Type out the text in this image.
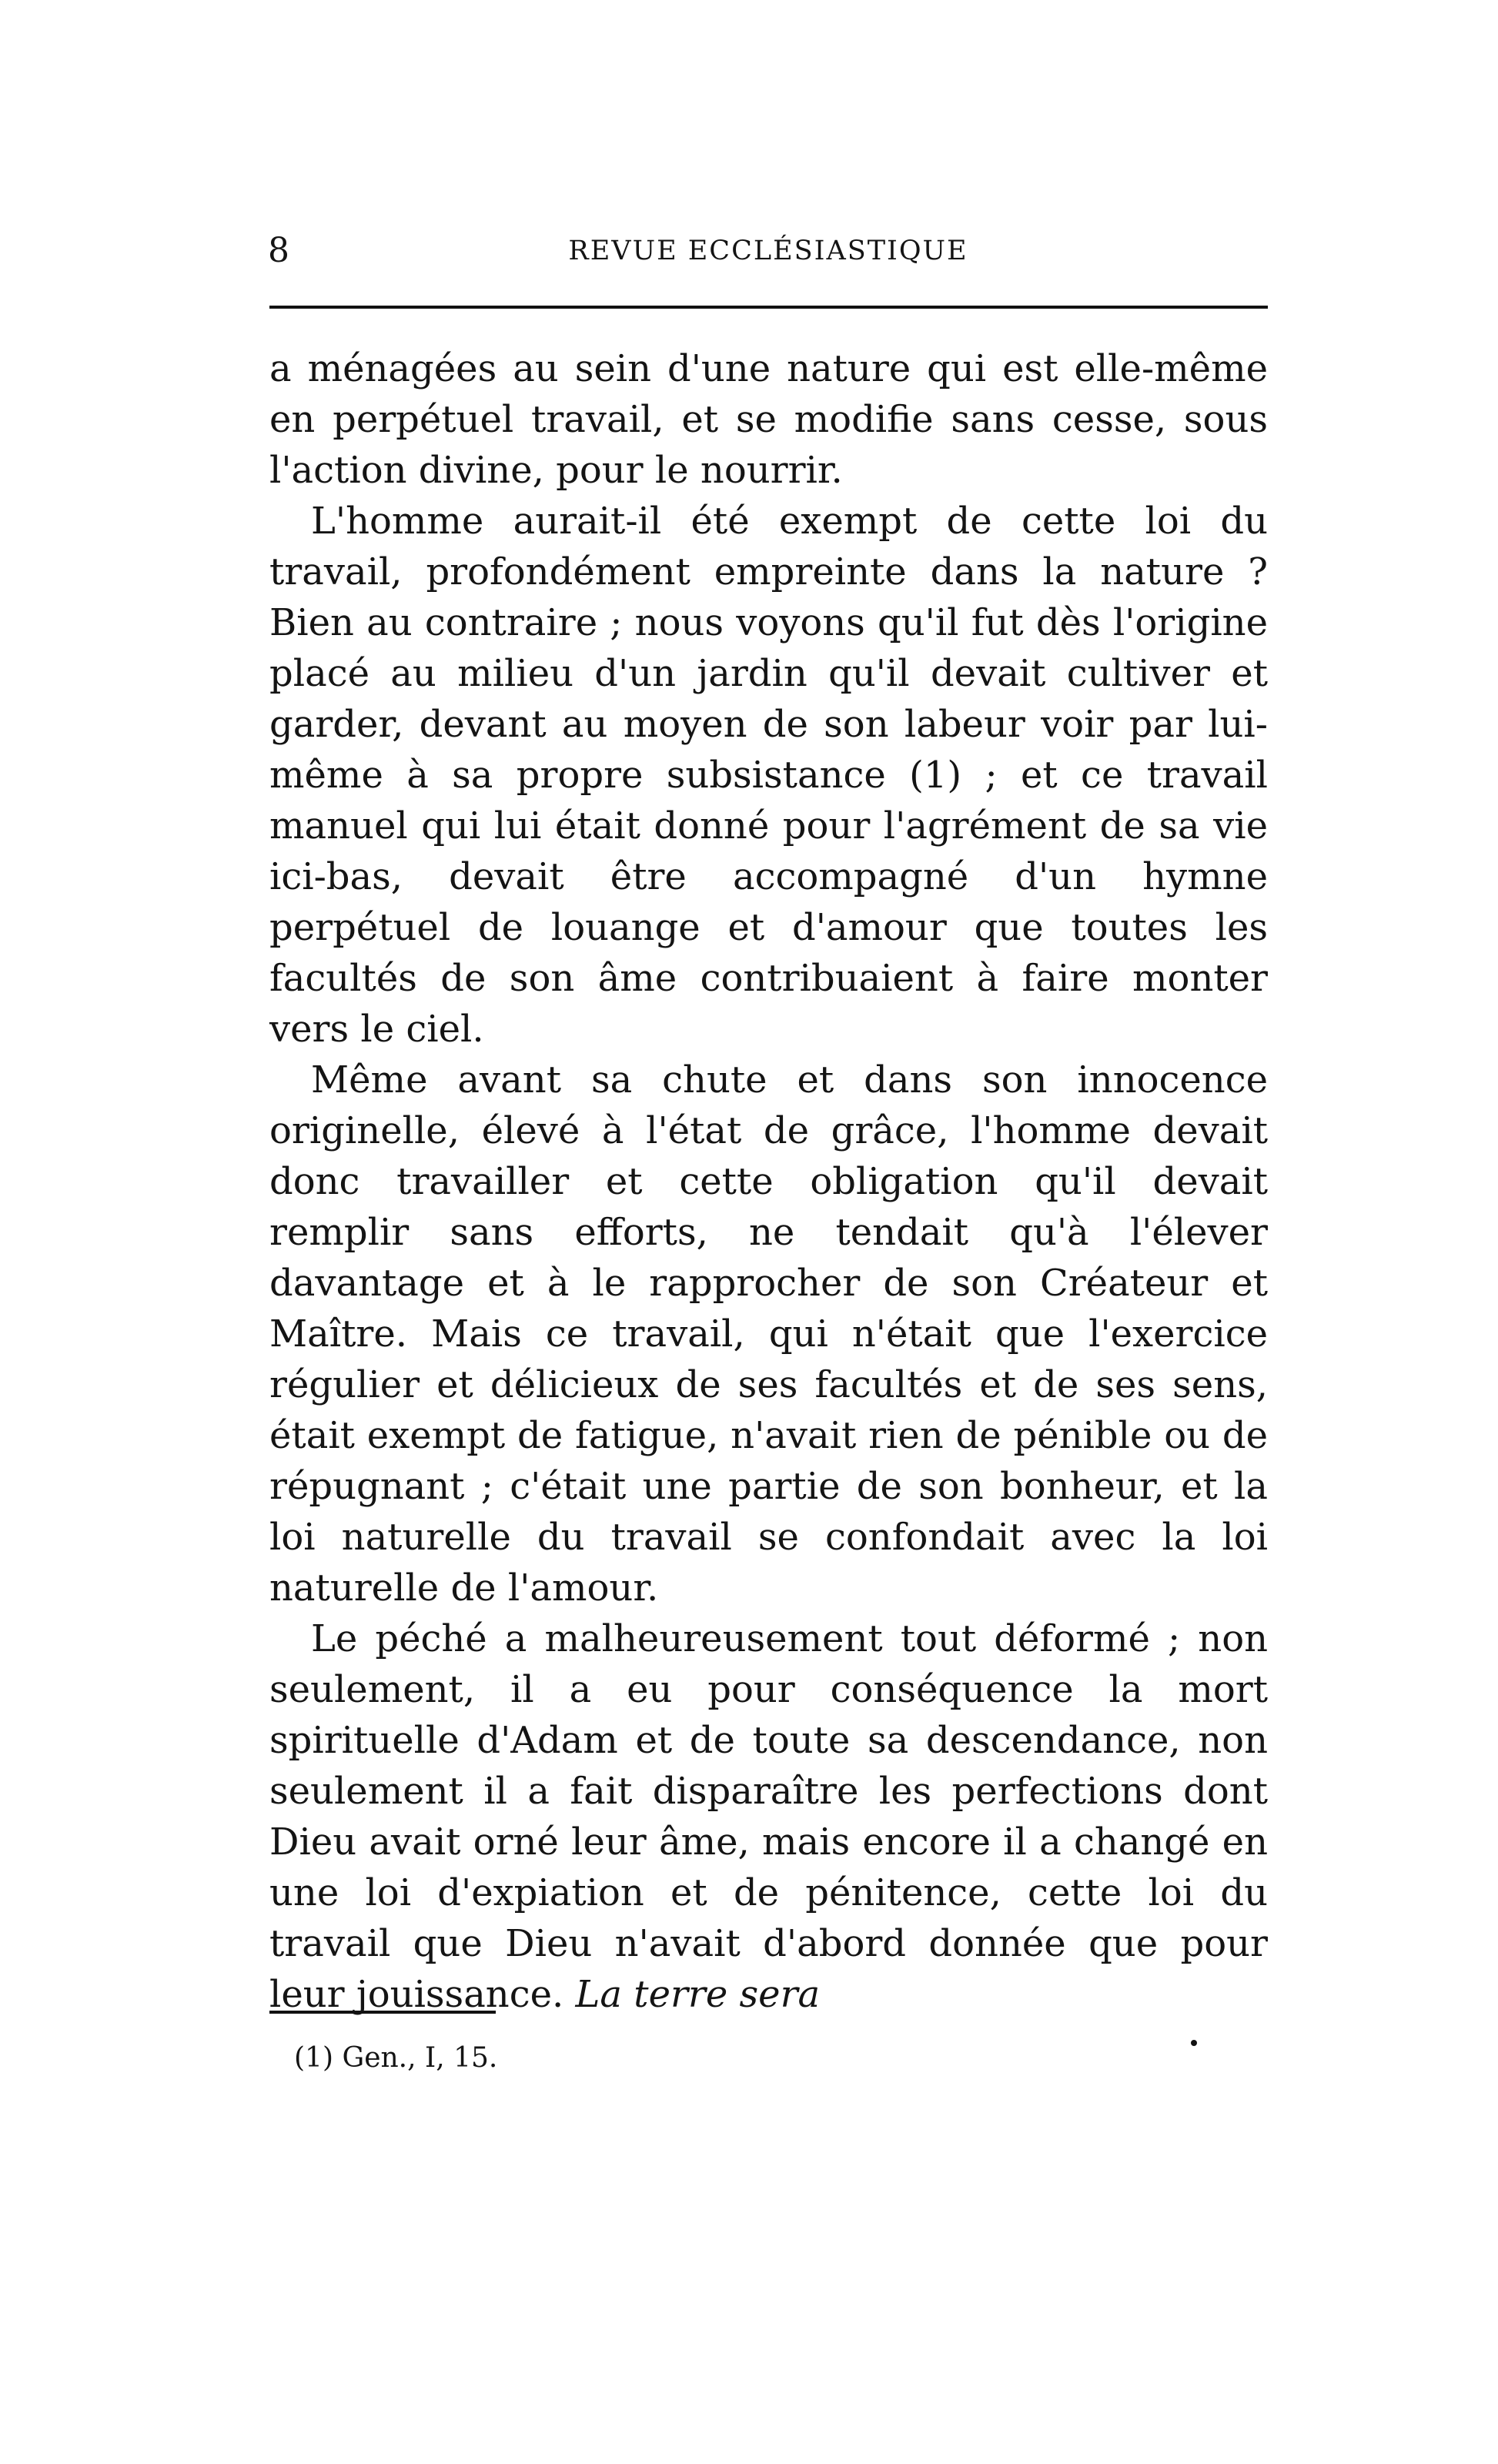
8	REVUE ECCLÉSIASTIQUE

a ménagées au sein d'une nature qui est elle-même en perpétuel travail, et se modifie sans cesse, sous l'action divine, pour le nourrir.

L'homme aurait-il été exempt de cette loi du travail, profondément empreinte dans la nature ? Bien au contraire ; nous voyons qu'il fut dès l'origine placé au milieu d'un jardin qu'il devait cultiver et garder, devant au moyen de son labeur voir par lui-même à sa propre subsistance (1) ; et ce travail manuel qui lui était donné pour l'agrément de sa vie ici-bas, devait être accompagné d'un hymne perpétuel de louange et d'amour que toutes les facultés de son âme contribuaient à faire monter vers le ciel.

Même avant sa chute et dans son innocence originelle, élevé à l'état de grâce, l'homme devait donc travailler et cette obligation qu'il devait remplir sans efforts, ne tendait qu'à l'élever davantage et à le rapprocher de son Créateur et Maître. Mais ce travail, qui n'était que l'exercice régulier et délicieux de ses facultés et de ses sens, était exempt de fatigue, n'avait rien de pénible ou de répugnant ; c'était une partie de son bonheur, et la loi naturelle du travail se confondait avec la loi naturelle de l'amour.

Le péché a malheureusement tout déformé ; non seulement, il a eu pour conséquence la mort spirituelle d'Adam et de toute sa descendance, non seulement il a fait disparaître les perfections dont Dieu avait orné leur âme, mais encore il a changé en une loi d'expiation et de pénitence, cette loi du travail que Dieu n'avait d'abord donnée que pour leur jouissance. La terre sera

(1) Gen., I, 15.
